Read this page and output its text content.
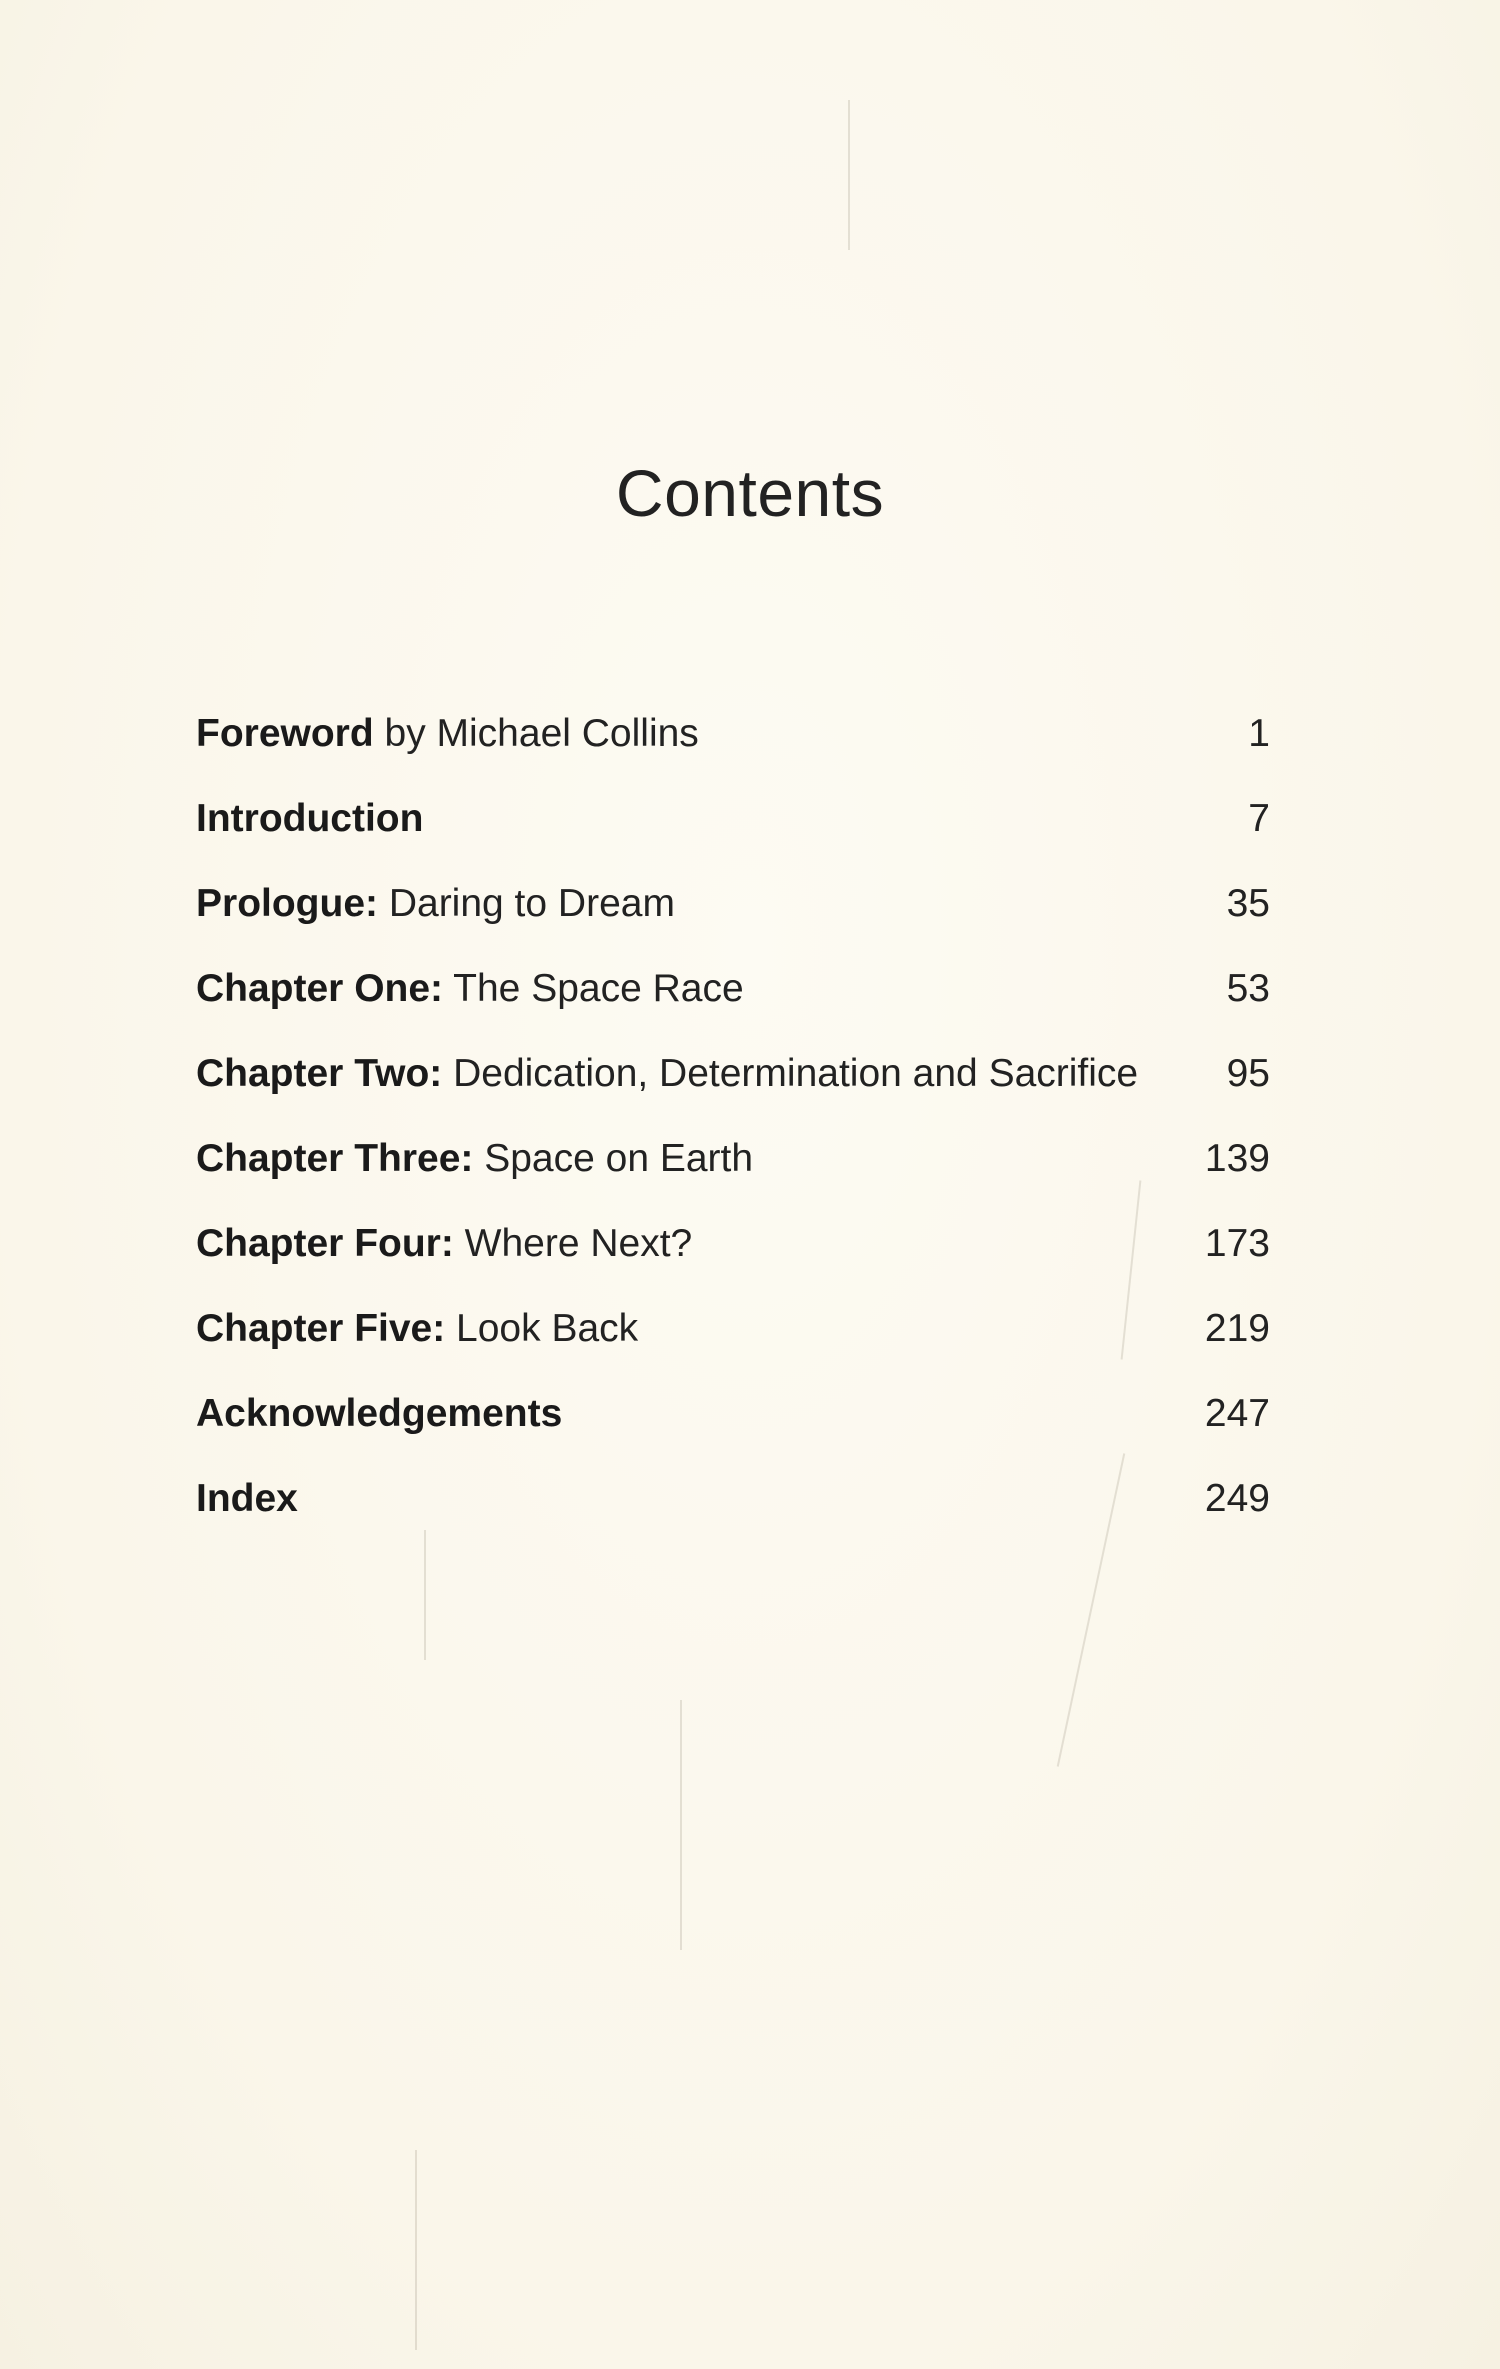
Contents
Foreword by Michael Collins	1
Introduction	7
Prologue: Daring to Dream	35
Chapter One: The Space Race	53
Chapter Two: Dedication, Determination and Sacrifice	95
Chapter Three: Space on Earth	139
Chapter Four: Where Next?	173
Chapter Five: Look Back	219
Acknowledgements	247
Index	249
